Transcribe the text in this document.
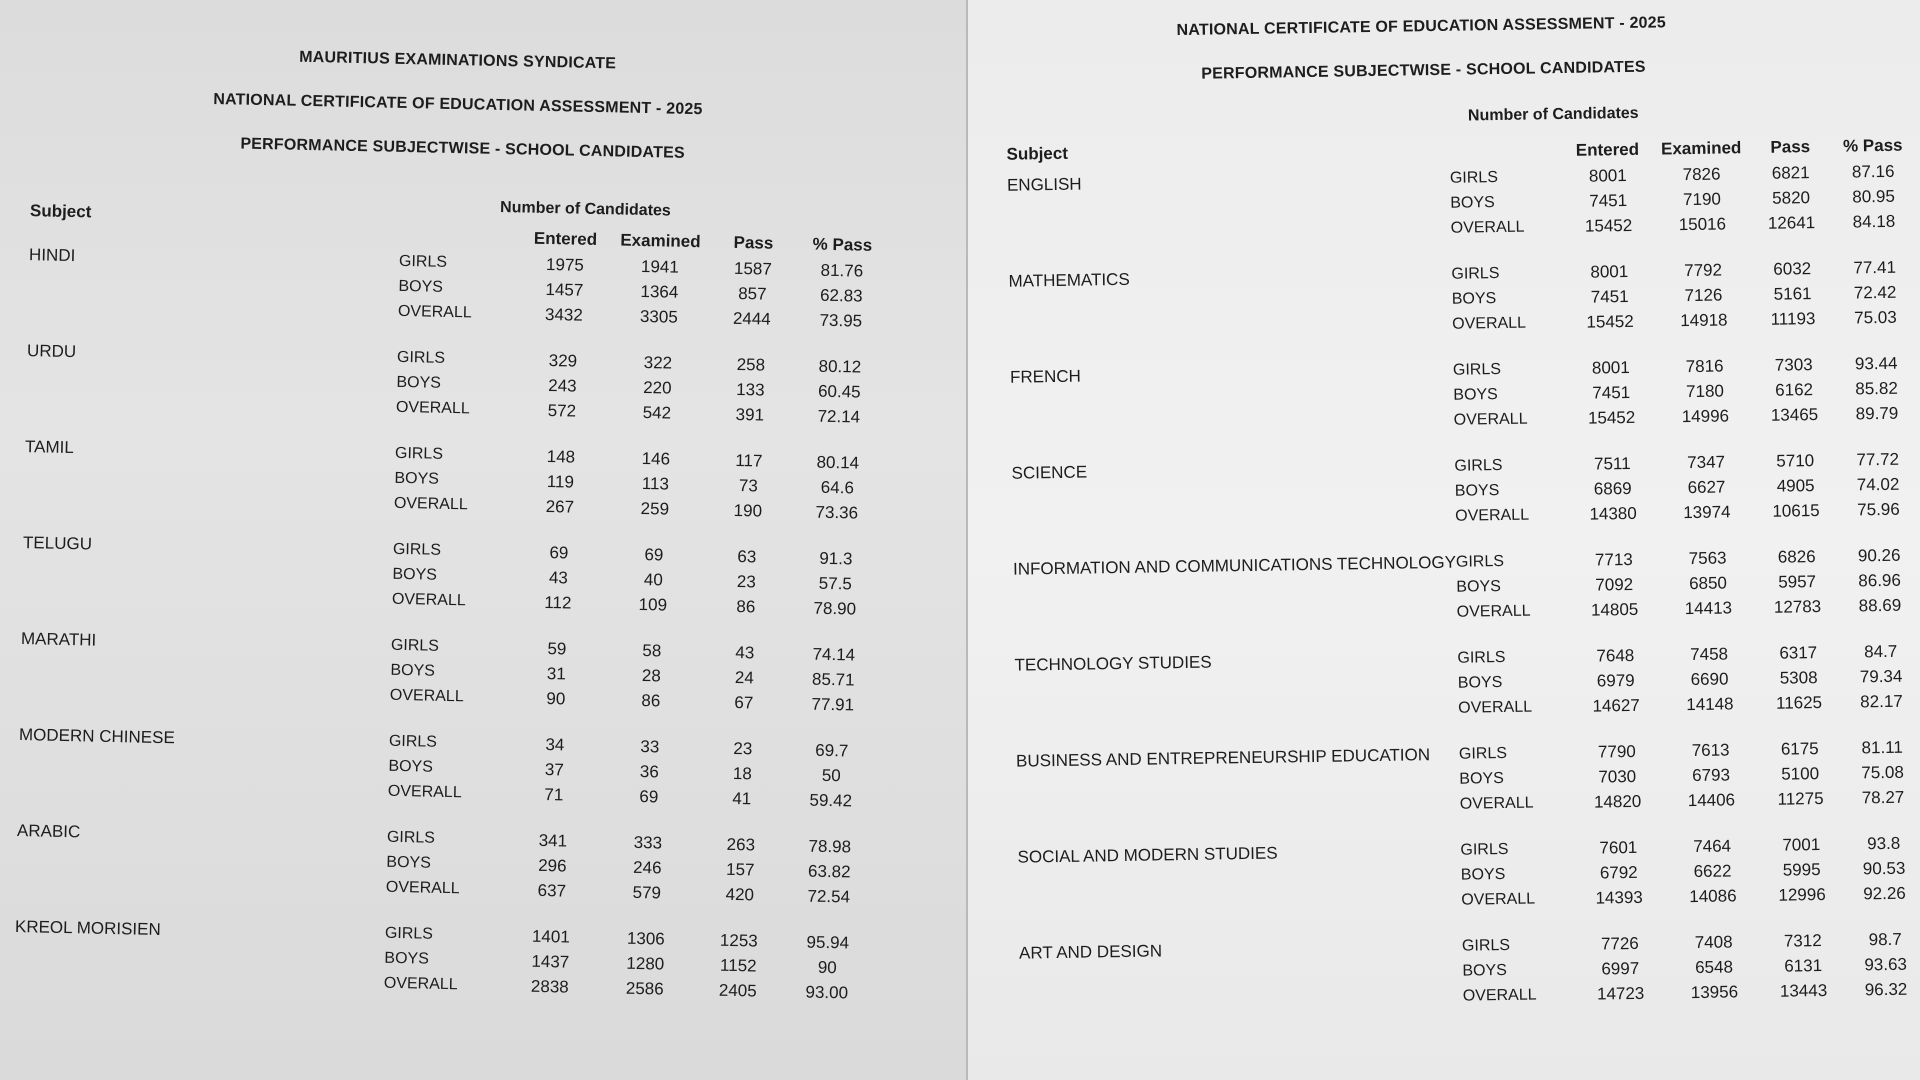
MAURITIUS EXAMINATIONS SYNDICATE
NATIONAL CERTIFICATE OF EDUCATION ASSESSMENT - 2025
PERFORMANCE SUBJECTWISE - SCHOOL CANDIDATES
Number of Candidates
Subject
		Entered	Examined	Pass	% Pass
HINDI	GIRLS	1975	1941	1587	81.76
	BOYS	1457	1364	857	62.83
	OVERALL	3432	3305	2444	73.95

URDU	GIRLS	329	322	258	80.12
	BOYS	243	220	133	60.45
	OVERALL	572	542	391	72.14

TAMIL	GIRLS	148	146	117	80.14
	BOYS	119	113	73	64.6
	OVERALL	267	259	190	73.36

TELUGU	GIRLS	69	69	63	91.3
	BOYS	43	40	23	57.5
	OVERALL	112	109	86	78.90

MARATHI	GIRLS	59	58	43	74.14
	BOYS	31	28	24	85.71
	OVERALL	90	86	67	77.91

MODERN CHINESE	GIRLS	34	33	23	69.7
	BOYS	37	36	18	50
	OVERALL	71	69	41	59.42

ARABIC	GIRLS	341	333	263	78.98
	BOYS	296	246	157	63.82
	OVERALL	637	579	420	72.54

KREOL MORISIEN	GIRLS	1401	1306	1253	95.94
	BOYS	1437	1280	1152	90
	OVERALL	2838	2586	2405	93.00
NATIONAL CERTIFICATE OF EDUCATION ASSESSMENT - 2025
PERFORMANCE SUBJECTWISE - SCHOOL CANDIDATES
Number of Candidates
Subject
			Entered	Examined	Pass	% Pass
ENGLISH	GIRLS	8001	7826	6821	87.16
	BOYS	7451	7190	5820	80.95
	OVERALL	15452	15016	12641	84.18

MATHEMATICS	GIRLS	8001	7792	6032	77.41
	BOYS	7451	7126	5161	72.42
	OVERALL	15452	14918	11193	75.03

FRENCH	GIRLS	8001	7816	7303	93.44
	BOYS	7451	7180	6162	85.82
	OVERALL	15452	14996	13465	89.79

SCIENCE	GIRLS	7511	7347	5710	77.72
	BOYS	6869	6627	4905	74.02
	OVERALL	14380	13974	10615	75.96

INFORMATION AND COMMUNICATIONS TECHNOLOGY	GIRLS	7713	7563	6826	90.26
	BOYS	7092	6850	5957	86.96
	OVERALL	14805	14413	12783	88.69

TECHNOLOGY STUDIES	GIRLS	7648	7458	6317	84.7
	BOYS	6979	6690	5308	79.34
	OVERALL	14627	14148	11625	82.17

BUSINESS AND ENTREPRENEURSHIP EDUCATION	GIRLS	7790	7613	6175	81.11
	BOYS	7030	6793	5100	75.08
	OVERALL	14820	14406	11275	78.27

SOCIAL AND MODERN STUDIES	GIRLS	7601	7464	7001	93.8
	BOYS	6792	6622	5995	90.53
	OVERALL	14393	14086	12996	92.26

ART AND DESIGN	GIRLS	7726	7408	7312	98.7
	BOYS	6997	6548	6131	93.63
	OVERALL	14723	13956	13443	96.32
